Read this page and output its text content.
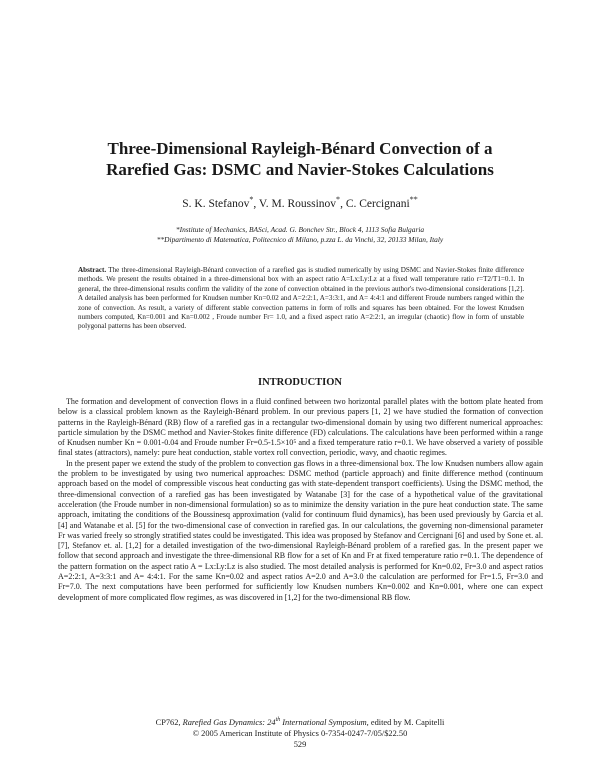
Three-Dimensional Rayleigh-Bénard Convection of a
Rarefied Gas: DSMC and Navier-Stokes Calculations
S. K. Stefanov*, V. M. Roussinov*, C. Cercignani**
*Institute of Mechanics, BASci, Acad. G. Bonchev Str., Block 4, 1113 Sofia Bulgaria
**Dipartimento di Matematica, Politecnico di Milano, p.zza L. da Vinchi, 32, 20133 Milan, Italy

Abstract. The three-dimensional Rayleigh-Bénard convection of a rarefied gas is studied numerically by using DSMC and Navier-Stokes finite difference methods. We present the results obtained in a three-dimensional box with an aspect ratio A=Lx:Ly:Lz at a fixed wall temperature ratio r=T2/T1=0.1. In general, the three-dimensional results confirm the validity of the zone of convection obtained in the previous author's two-dimensional considerations [1,2]. A detailed analysis has been performed for Knudsen number Kn=0.02 and A=2:2:1, A=3:3:1, and A= 4:4:1 and different Froude numbers ranged within the zone of convection. As result, a variety of different stable convection patterns in form of rolls and squares has been obtained. For the lowest Knudsen numbers computed, Kn=0.001 and Kn=0.002 , Froude number Fr= 1.0, and a fixed aspect ratio A=2:2:1, an irregular (chaotic) flow in form of unstable polygonal patterns has been observed.

INTRODUCTION

The formation and development of convection flows in a fluid confined between two horizontal parallel plates with the bottom plate heated from below is a classical problem known as the Rayleigh-Bénard problem. In our previous papers [1, 2] we have studied the formation of convection patterns in the Rayleigh-Bénard (RB) flow of a rarefied gas in a rectangular two-dimensional domain by using two different numerical approaches: particle simulation by the DSMC method and Navier-Stokes finite difference (FD) calculations. The calculations have been performed within a range of Knudsen number Kn = 0.001-0.04 and Froude number Fr=0.5-1.5×10⁵ and a fixed temperature ratio r=0.1. We have observed a variety of possible final states (attractors), namely: pure heat conduction, stable vortex roll convection, periodic, wavy, and chaotic regimes.

In the present paper we extend the study of the problem to convection gas flows in a three-dimensional box. The low Knudsen numbers allow again the problem to be investigated by using two numerical approaches: DSMC method (particle approach) and finite difference method (continuum approach based on the model of compressible viscous heat conducting gas with state-dependent transport coefficients). Using the DSMC method, the three-dimensional convection of a rarefied gas has been investigated by Watanabe [3] for the case of a hypothetical value of the gravitational acceleration (the Froude number in non-dimensional formulation) so as to minimize the density variation in the pure heat conduction state. The same approach, imitating the conditions of the Boussinesq approximation (valid for continuum fluid dynamics), has been used previously by Garcia et al. [4] and Watanabe et al. [5] for the two-dimensional case of convection in rarefied gas. In our calculations, the governing non-dimensional parameter Fr was varied freely so strongly stratified states could be investigated. This idea was proposed by Stefanov and Cercignani [6] and used by Sone et. al. [7], Stefanov et. al. [1,2] for a detailed investigation of the two-dimensional Rayleigh-Bénard problem of a rarefied gas. In the present paper we follow that second approach and investigate the three-dimensional RB flow for a set of Kn and Fr at fixed temperature ratio r=0.1. The dependence of the pattern formation on the aspect ratio A = Lx:Ly:Lz is also studied. The most detailed analysis is performed for Kn=0.02, Fr=3.0 and aspect ratios A=2:2:1, A=3:3:1 and A= 4:4:1. For the same Kn=0.02 and aspect ratios A=2.0 and A=3.0 the calculation are performed for Fr=1.5, Fr=3.0 and Fr=7.0. The next computations have been performed for sufficiently low Knudsen numbers Kn=0.002 and Kn=0.001, where one can expect development of more complicated flow regimes, as was discovered in [1,2] for the two-dimensional RB flow.

CP762, Rarefied Gas Dynamics: 24th International Symposium, edited by M. Capitelli
© 2005 American Institute of Physics 0-7354-0247-7/05/$22.50
529
